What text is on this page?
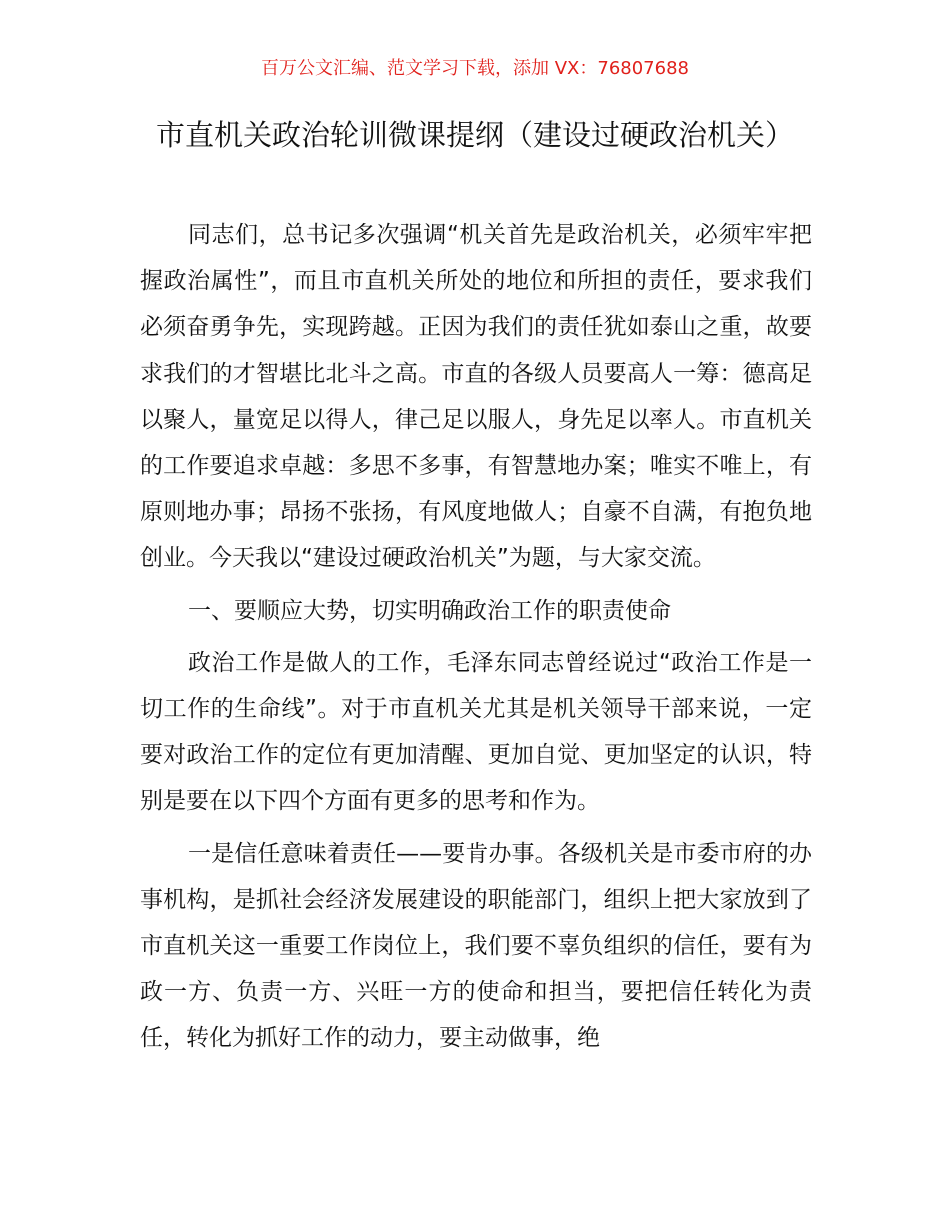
百万公文汇编、范文学习下载，添加 VX：76807688
市直机关政治轮训微课提纲（建设过硬政治机关）

同志们，总书记多次强调“机关首先是政治机关，必须牢牢把握政治属性”，而且市直机关所处的地位和所担的责任，要求我们必须奋勇争先，实现跨越。正因为我们的责任犹如泰山之重，故要求我们的才智堪比北斗之高。市直的各级人员要高人一筹：德高足以聚人，量宽足以得人，律己足以服人，身先足以率人。市直机关的工作要追求卓越：多思不多事，有智慧地办案；唯实不唯上，有原则地办事；昂扬不张扬，有风度地做人；自豪不自满，有抱负地创业。今天我以“建设过硬政治机关”为题，与大家交流。

一、要顺应大势，切实明确政治工作的职责使命

政治工作是做人的工作，毛泽东同志曾经说过“政治工作是一切工作的生命线”。对于市直机关尤其是机关领导干部来说，一定要对政治工作的定位有更加清醒、更加自觉、更加坚定的认识，特别是要在以下四个方面有更多的思考和作为。

一是信任意味着责任——要肯办事。各级机关是市委市府的办事机构，是抓社会经济发展建设的职能部门，组织上把大家放到了市直机关这一重要工作岗位上，我们要不辜负组织的信任，要有为政一方、负责一方、兴旺一方的使命和担当，要把信任转化为责任，转化为抓好工作的动力，要主动做事，绝
